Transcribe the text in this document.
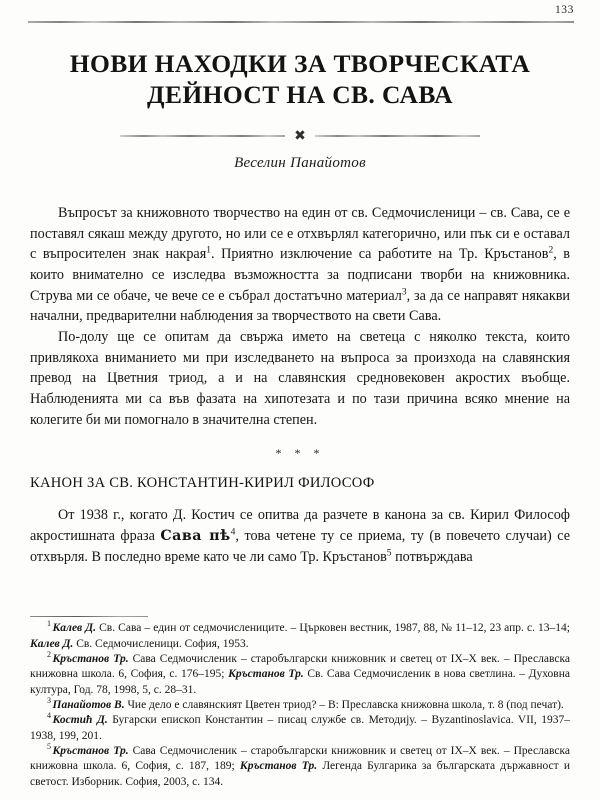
133
НОВИ НАХОДКИ ЗА ТВОРЧЕСКАТА
ДЕЙНОСТ НА СВ. САВА
✖
Веселин Панайотов

Въпросът за книжовното творчество на един от св. Седмочисленици – св. Сава, се е поставял сякаш между другото, но или се е отхвърлял категорично, или пък си е оставал с въпросителен знак накрая$^1$. Приятно изключение са работите на Тр. Кръстанов$^2$, в които внимателно се изследва възможността за подписани творби на книжовника. Струва ми се обаче, че вече се е събрал достатъчно материал$^3$, за да се направят някакви начални, предварителни наблюдения за творчеството на свети Сава.

По-долу ще се опитам да свържа името на светеца с няколко текста, които привлякоха вниманието ми при изследването на въпроса за произхода на славянския превод на Цветния триод, а и на славянския средновековен акростих въобще. Наблюденията ми са във фазата на хипотезата и по тази причина всяко мнение на колегите би ми помогнало в значителна степен.

* * *
КАНОН ЗА СВ. КОНСТАНТИН-КИРИЛ ФИЛОСОФ

От 1938 г., когато Д. Костич се опитва да разчете в канона за св. Кирил Философ акростишната фраза Сава $пѣ^4$, това четене ту се приема, ту (в повечето случаи) се отхвърля. В последно време като че ли само Тр. Кръстанов$^5$ потвърждава

$^1$ Калев Д. Св. Сава – един от седмочислениците. – Църковен вестник, 1987, 88, № 11–12, 23 апр. с. 13–14; Калев Д. Св. Седмочисленици. София, 1953.

$^2$ Кръстанов Тр. Сава Седмочисленик – старобългарски книжовник и светец от IX–X век. – Преславска книжовна школа. 6, София, с. 176–195; Кръстанов Тр. Св. Сава Седмочисленик в нова светлина. – Духовна култура, Год. 78, 1998, 5, с. 28–31.

$^3$ Панайотов В. Чие дело е славянският Цветен триод? – В: Преславска книжовна школа, т. 8 (под печат).

$^4$ Костиħ Д. Бугарски епископ Константин – писац службе св. Методиjу. – Byzantinoslavica. VII, 1937–1938, 199, 201.

$^5$ Кръстанов Тр. Сава Седмочисленик – старобългарски книжовник и светец от IX–X век. – Преславска книжовна школа. 6, София, с. 187, 189; Кръстанов Тр. Легенда Булгарика за българската държавност и светост. Изборник. София, 2003, с. 134.
